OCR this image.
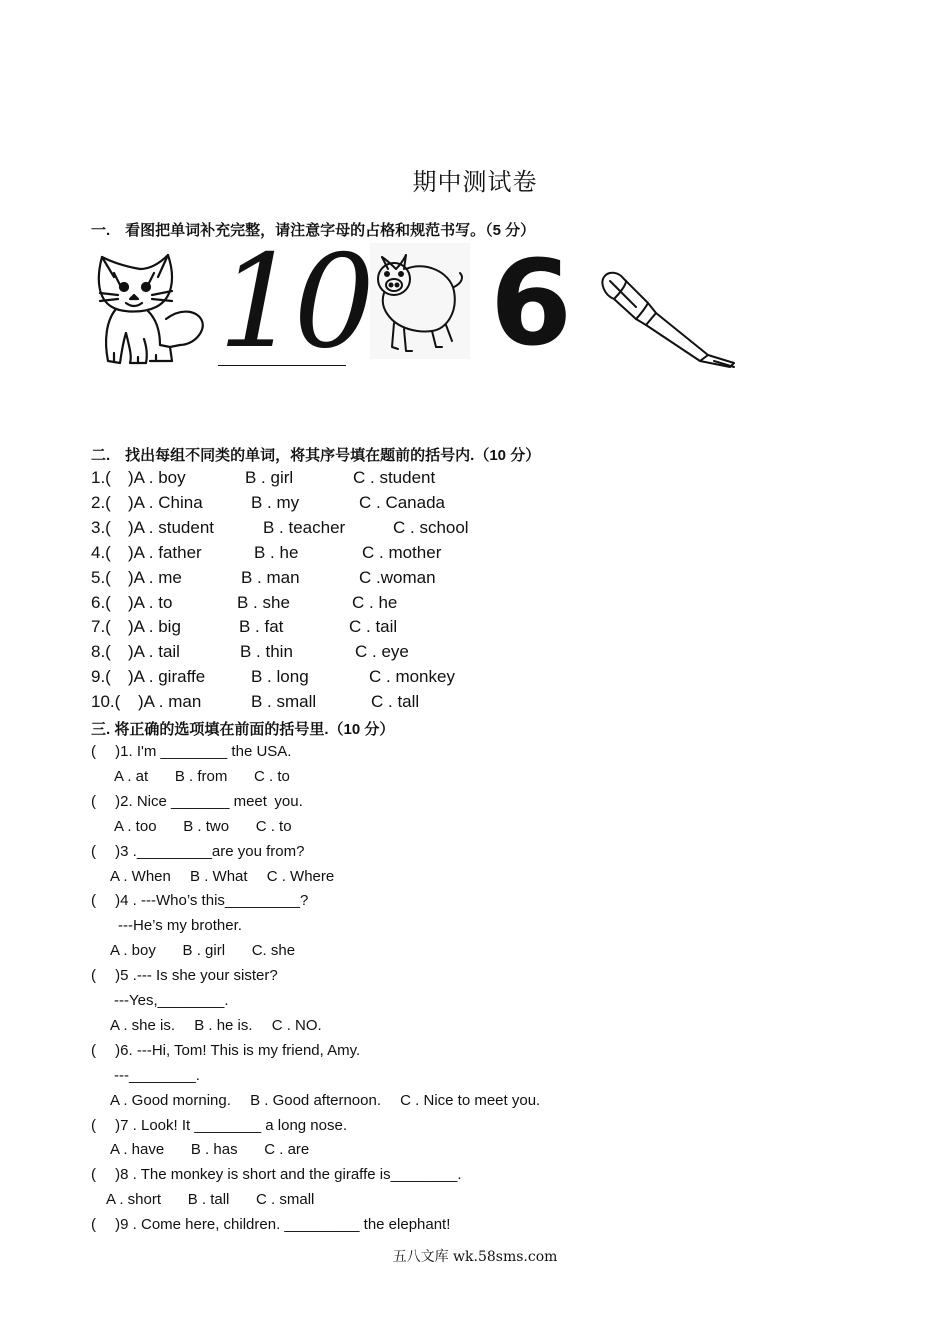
期中测试卷
一.　看图把单词补充完整，请注意字母的占格和规范书写。（5 分）
10 6
二.　找出每组不同类的单词，将其序号填在题前的括号内.（10 分）
1.( )A . boy	B . girl	C . student
2.( )A . China	B . my	C . Canada
3.( )A . student	B . teacher	C . school
4.( )A . father	B . he	C . mother
5.( )A . me	B . man	C .woman
6.( )A . to	B . she	C . he
7.( )A . big	B . fat	C . tail
8.( )A . tail	B . thin	C . eye
9.( )A . giraffe	B . long	C . monkey
10.( )A . man	B . small	C . tall
三. 将正确的选项填在前面的括号里.（10 分）
(  )1. I'm ________ the USA.
A . at   B . from   C . to
(  )2. Nice _______ meet you.
A . too   B . two   C . to
(  )3 ._________are you from?
A . When  B . What  C . Where
(  )4 . ---Who’s this_________?
---He’s my brother.
A . boy   B . girl   C. she
(  )5 .--- Is she your sister?
---Yes,________.
A . she is.  B . he is.  C . NO.
(  )6. ---Hi, Tom! This is my friend, Amy.
---________.
A . Good morning.  B . Good afternoon.  C . Nice to meet you.
(  )7 . Look! It ________ a long nose.
A . have   B . has   C . are
(  )8 . The monkey is short and the giraffe is________.
A . short   B . tall   C . small
(  )9 . Come here, children. _________ the elephant!
五八文库 wk.58sms.com
